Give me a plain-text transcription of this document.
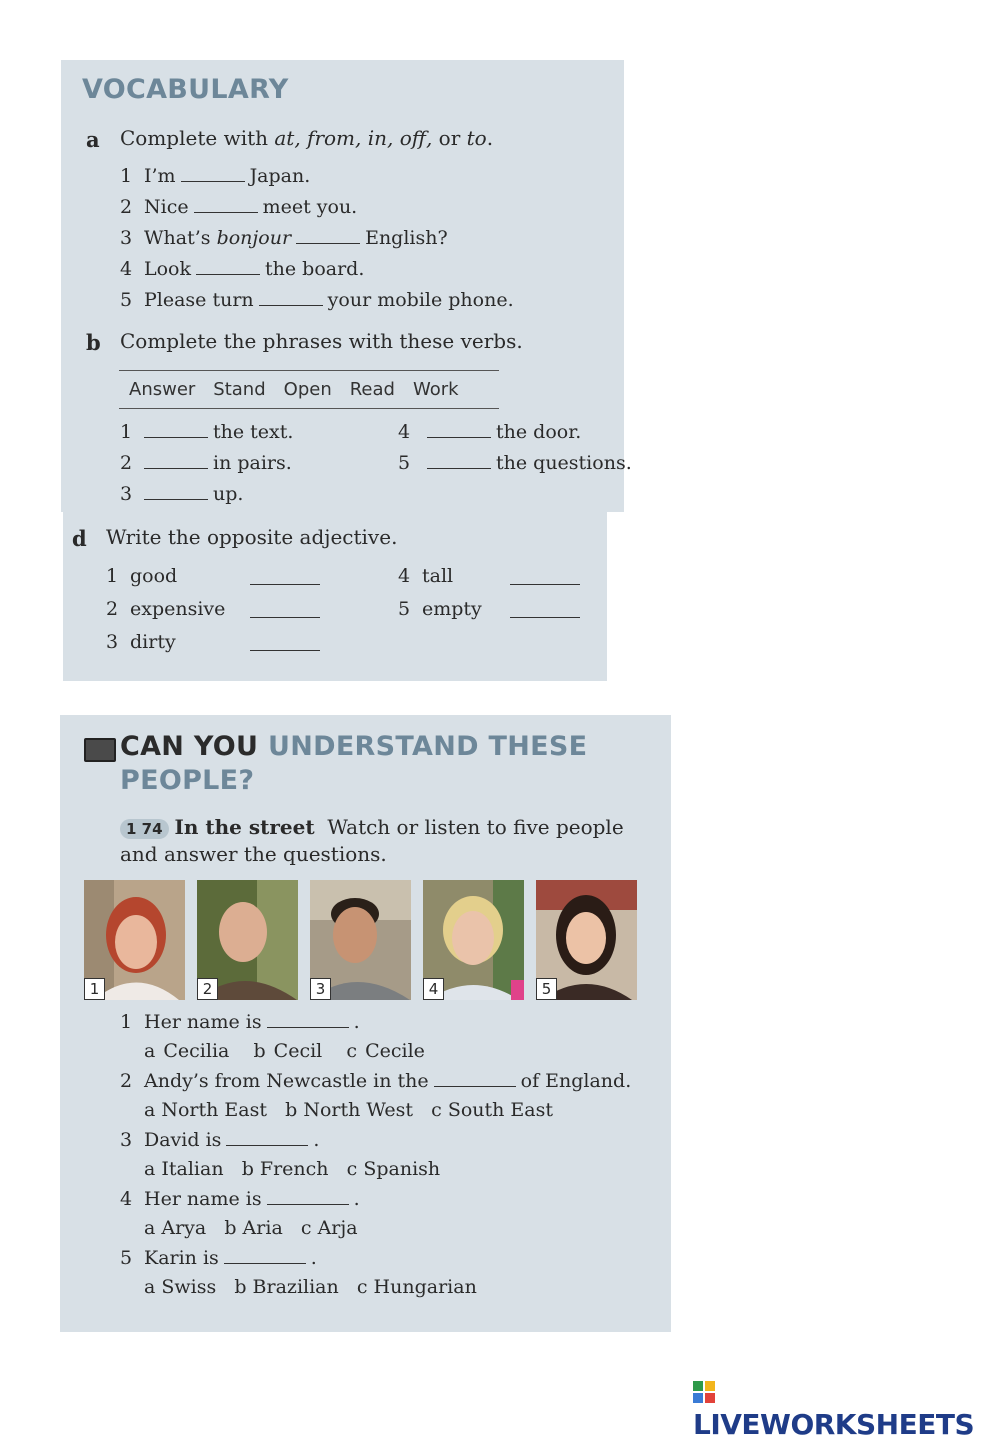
VOCABULARY
a Complete with at, from, in, off, or to.
1 I’m	Japan.
2 Nice	meet you.
3 What’s bonjour	English?
4 Look	the board.
5 Please turn	your mobile phone.
b Complete the phrases with these verbs.
Answer Stand Open Read Work
1	the text.
2	in pairs.
3	up.
4	the door.
5	the questions.
d Write the opposite adjective.
1 good
2 expensive
3 dirty
4 tall
5 empty
CAN YOU UNDERSTAND THESE
PEOPLE?
1 74 In the street Watch or listen to five people
and answer the questions.
1	2	3	4	5
1 Her name is	.
a Cecilia b Cecil c Cecile
2 Andy’s from Newcastle in the	of England.
a North East b North West c South East
3 David is	.
a Italian b French c Spanish
4 Her name is	.
a Arya b Aria c Arja
5 Karin is	.
a Swiss b Brazilian c Hungarian
LIVEWORKSHEETS
